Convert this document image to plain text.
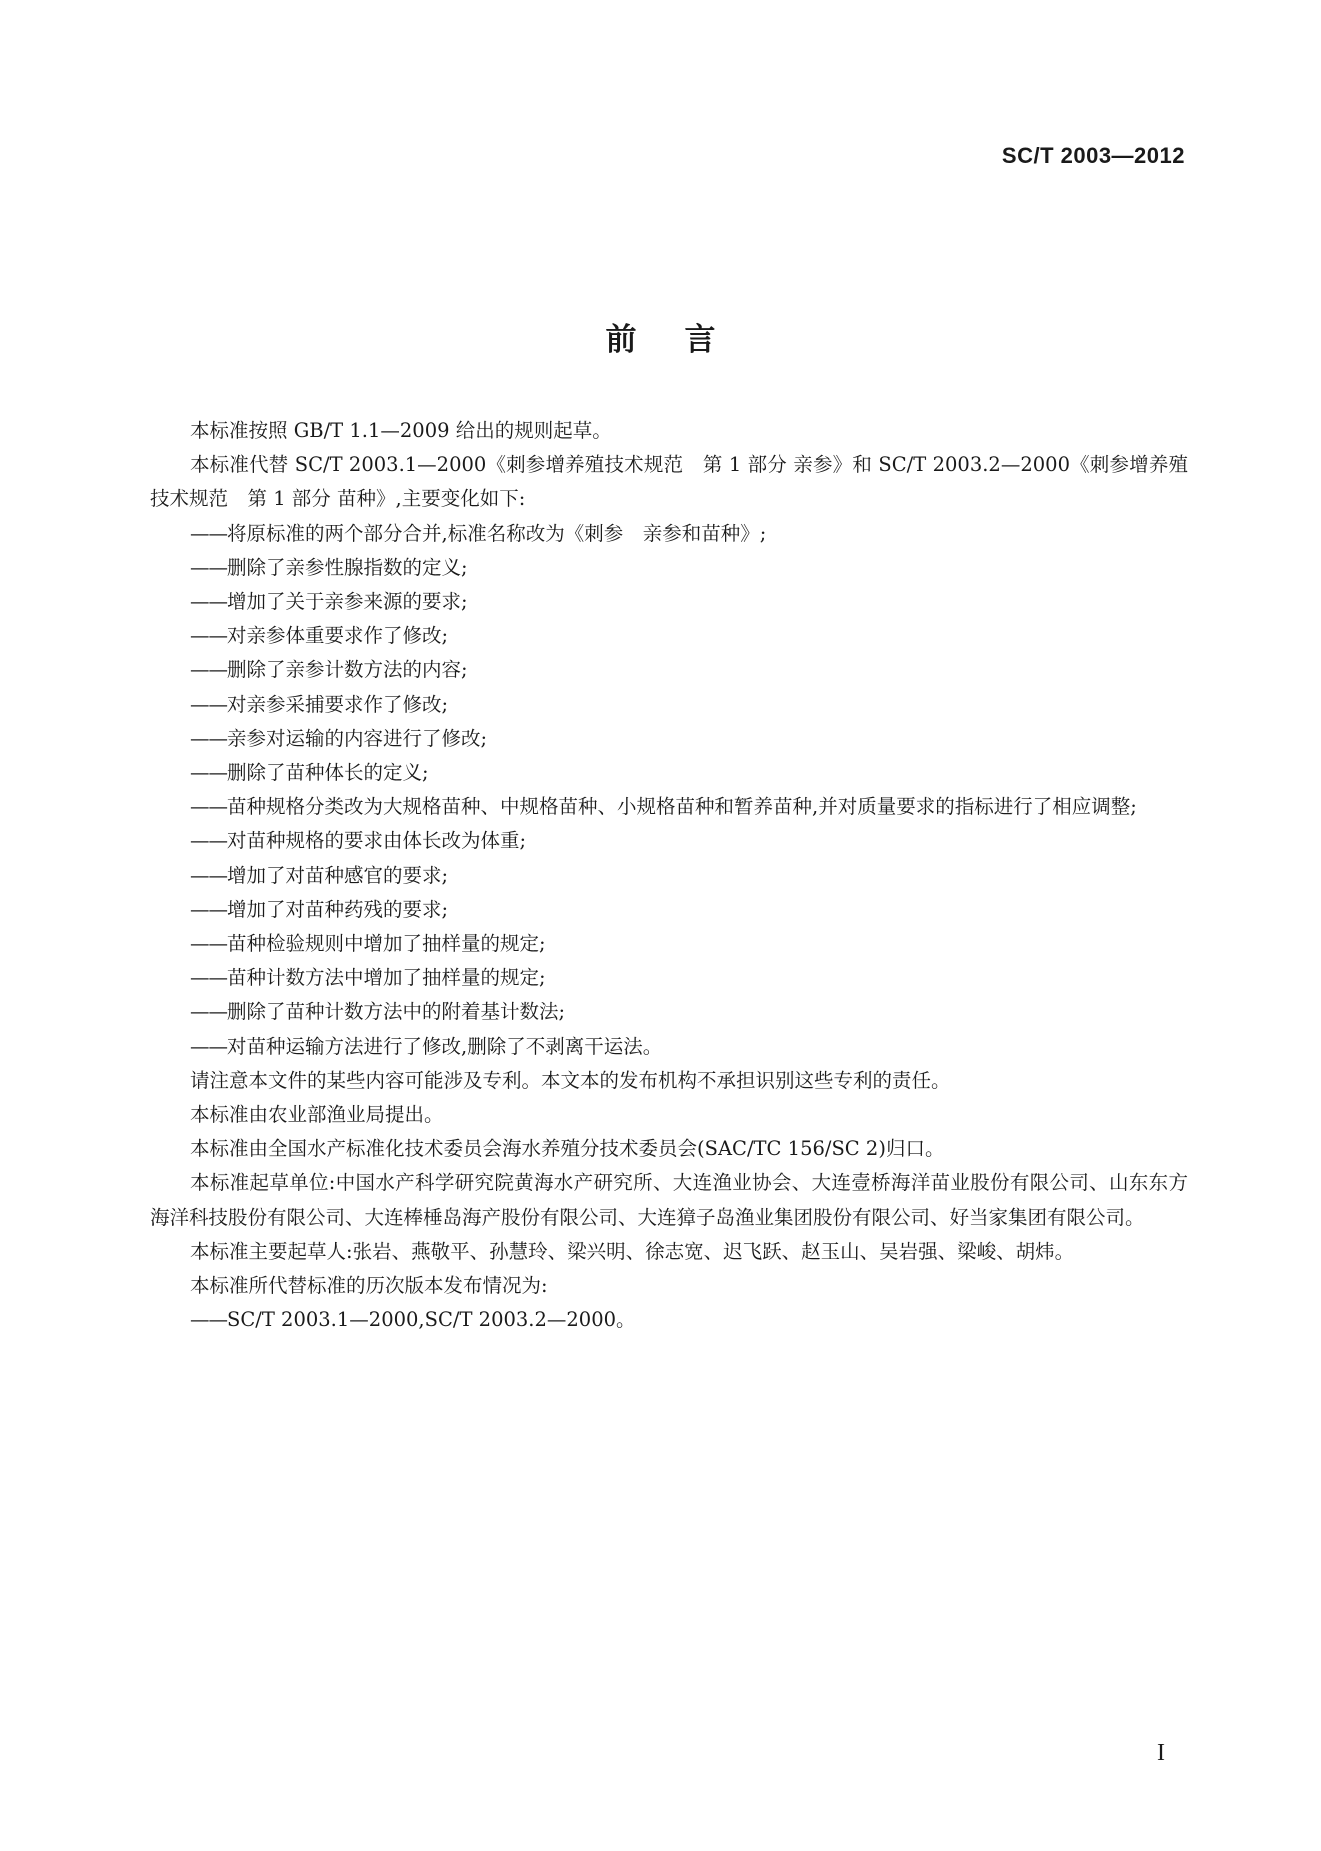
SC/T 2003—2012
前言

本标准按照 GB/T 1.1—2009 给出的规则起草。

本标准代替 SC/T 2003.1—2000《刺参增养殖技术规范　第 1 部分 亲参》和 SC/T 2003.2—2000《刺参增养殖技术规范　第 1 部分 苗种》,主要变化如下:

——将原标准的两个部分合并,标准名称改为《刺参　亲参和苗种》;

——删除了亲参性腺指数的定义;

——增加了关于亲参来源的要求;

——对亲参体重要求作了修改;

——删除了亲参计数方法的内容;

——对亲参采捕要求作了修改;

——亲参对运输的内容进行了修改;

——删除了苗种体长的定义;

——苗种规格分类改为大规格苗种、中规格苗种、小规格苗种和暂养苗种,并对质量要求的指标进行了相应调整;

——对苗种规格的要求由体长改为体重;

——增加了对苗种感官的要求;

——增加了对苗种药残的要求;

——苗种检验规则中增加了抽样量的规定;

——苗种计数方法中增加了抽样量的规定;

——删除了苗种计数方法中的附着基计数法;

——对苗种运输方法进行了修改,删除了不剥离干运法。

请注意本文件的某些内容可能涉及专利。本文本的发布机构不承担识别这些专利的责任。

本标准由农业部渔业局提出。

本标准由全国水产标准化技术委员会海水养殖分技术委员会(SAC/TC 156/SC 2)归口。

本标准起草单位:中国水产科学研究院黄海水产研究所、大连渔业协会、大连壹桥海洋苗业股份有限公司、山东东方海洋科技股份有限公司、大连棒棰岛海产股份有限公司、大连獐子岛渔业集团股份有限公司、好当家集团有限公司。

本标准主要起草人:张岩、燕敬平、孙慧玲、梁兴明、徐志宽、迟飞跃、赵玉山、吴岩强、梁峻、胡炜。

本标准所代替标准的历次版本发布情况为:

——SC/T 2003.1—2000,SC/T 2003.2—2000。

I
